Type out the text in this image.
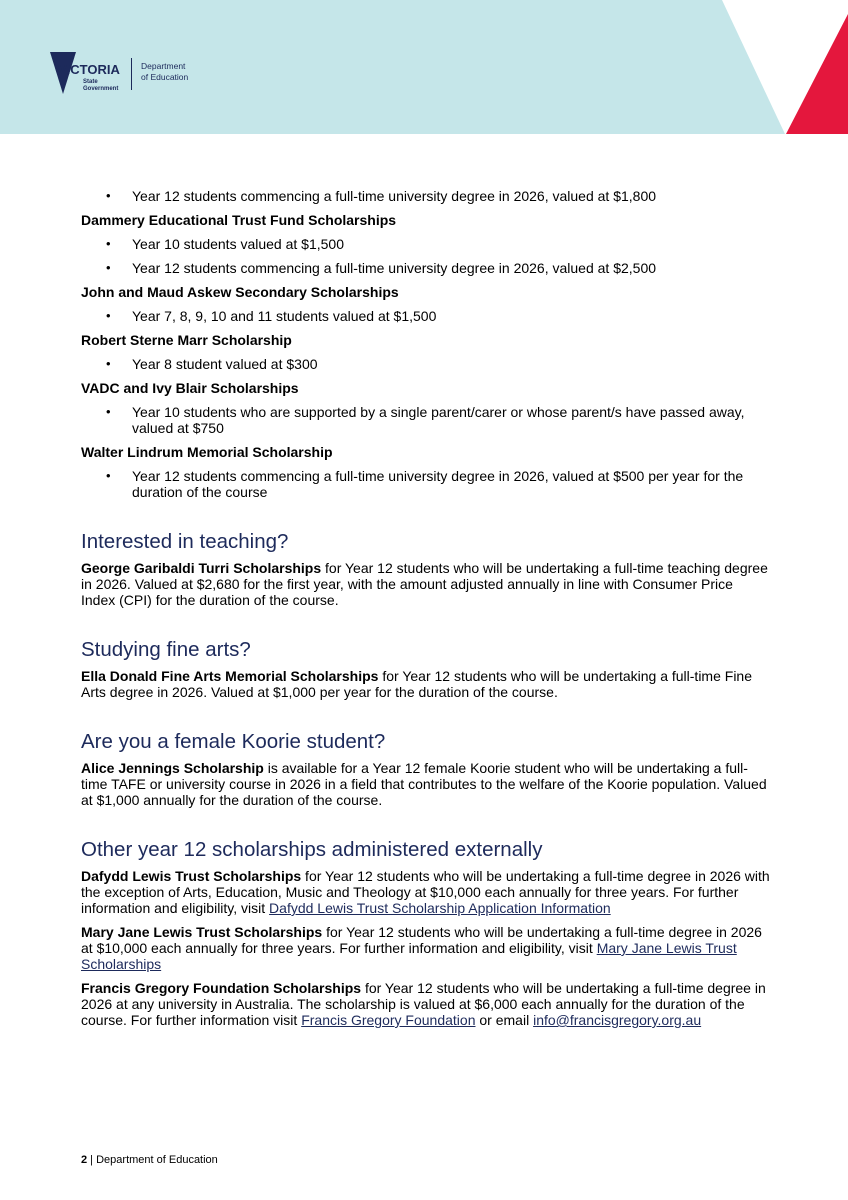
VICTORIA
State
Government
Department
of Education
• Year 12 students commencing a full-time university degree in 2026, valued at $1,800
Dammery Educational Trust Fund Scholarships
• Year 10 students valued at $1,500
• Year 12 students commencing a full-time university degree in 2026, valued at $2,500
John and Maud Askew Secondary Scholarships
• Year 7, 8, 9, 10 and 11 students valued at $1,500
Robert Sterne Marr Scholarship
• Year 8 student valued at $300
VADC and Ivy Blair Scholarships
• Year 10 students who are supported by a single parent/carer or whose parent/s have passed away, valued at $750
Walter Lindrum Memorial Scholarship
• Year 12 students commencing a full-time university degree in 2026, valued at $500 per year for the duration of the course
Interested in teaching?

George Garibaldi Turri Scholarships for Year 12 students who will be undertaking a full-time teaching degree in 2026. Valued at $2,680 for the first year, with the amount adjusted annually in line with Consumer Price Index (CPI) for the duration of the course.

Studying fine arts?

Ella Donald Fine Arts Memorial Scholarships for Year 12 students who will be undertaking a full-time Fine Arts degree in 2026. Valued at $1,000 per year for the duration of the course.

Are you a female Koorie student?

Alice Jennings Scholarship is available for a Year 12 female Koorie student who will be undertaking a full-time TAFE or university course in 2026 in a field that contributes to the welfare of the Koorie population. Valued at $1,000 annually for the duration of the course.

Other year 12 scholarships administered externally

Dafydd Lewis Trust Scholarships for Year 12 students who will be undertaking a full-time degree in 2026 with the exception of Arts, Education, Music and Theology at $10,000 each annually for three years. For further information and eligibility, visit Dafydd Lewis Trust Scholarship Application Information

Mary Jane Lewis Trust Scholarships for Year 12 students who will be undertaking a full-time degree in 2026 at $10,000 each annually for three years. For further information and eligibility, visit Mary Jane Lewis Trust Scholarships

Francis Gregory Foundation Scholarships for Year 12 students who will be undertaking a full-time degree in 2026 at any university in Australia. The scholarship is valued at $6,000 each annually for the duration of the course. For further information visit Francis Gregory Foundation or email info@francisgregory.org.au

2 | Department of Education
